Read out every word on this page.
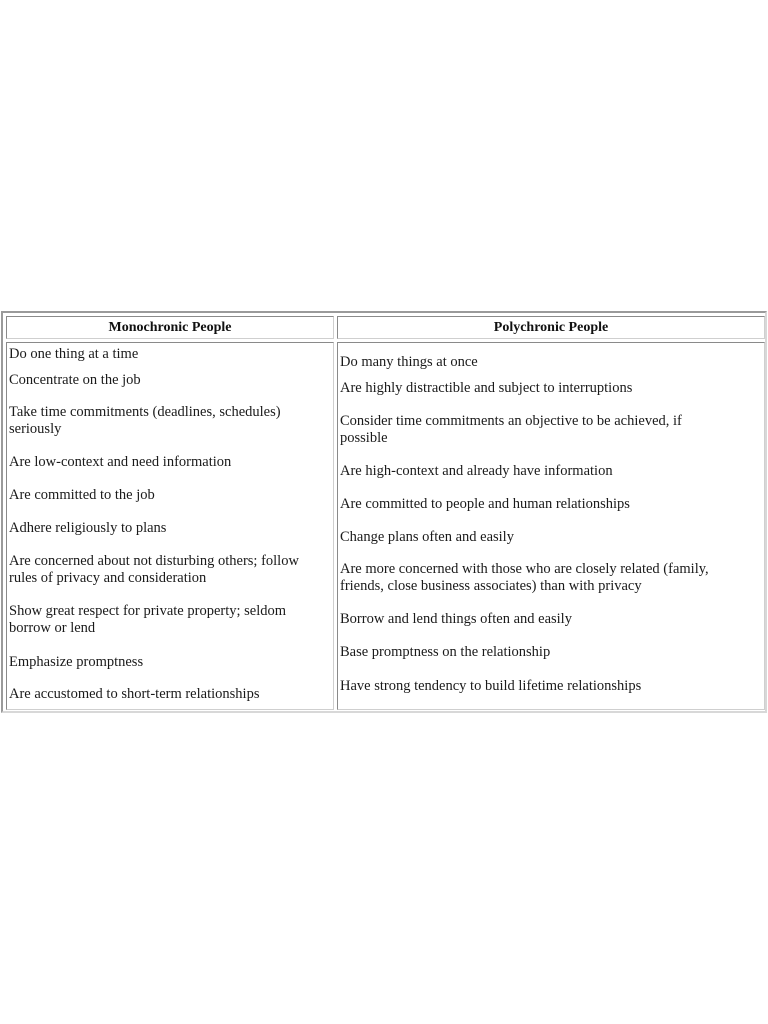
Monochronic People	Polychronic People
Do one thing at a time
Concentrate on the job
Take time commitments (deadlines, schedules)
seriously
Are low-context and need information
Are committed to the job
Adhere religiously to plans
Are concerned about not disturbing others; follow
rules of privacy and consideration
Show great respect for private property; seldom
borrow or lend
Emphasize promptness
Are accustomed to short-term relationships
Do many things at once
Are highly distractible and subject to interruptions
Consider time commitments an objective to be achieved, if
possible
Are high-context and already have information
Are committed to people and human relationships
Change plans often and easily
Are more concerned with those who are closely related (family,
friends, close business associates) than with privacy
Borrow and lend things often and easily
Base promptness on the relationship
Have strong tendency to build lifetime relationships
